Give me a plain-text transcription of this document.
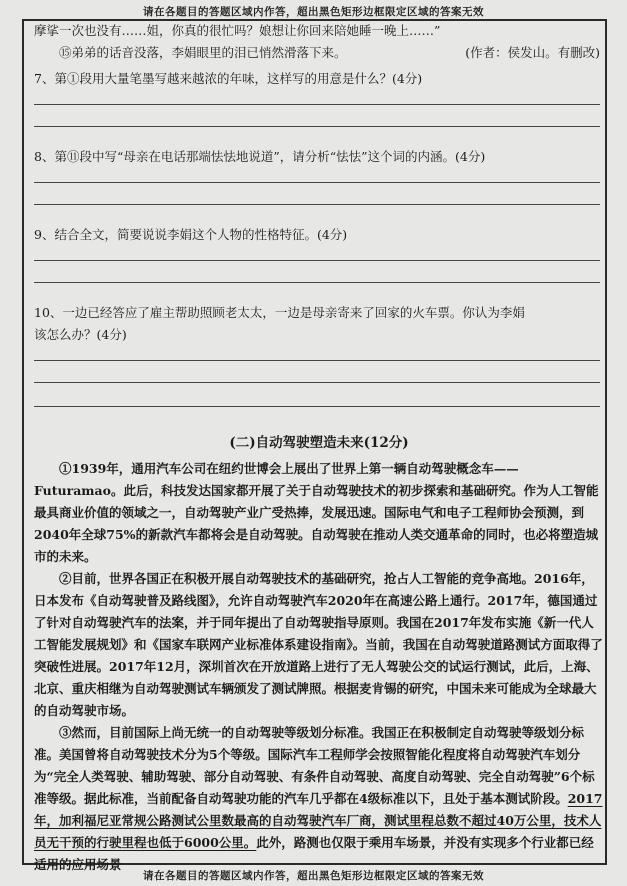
请在各题目的答题区域内作答，超出黑色矩形边框限定区域的答案无效

摩挲一次也没有……姐，你真的很忙吗？娘想让你回来陪她睡一晚上……”

⑮弟弟的话音没落，李娟眼里的泪已悄然滑落下来。	(作者：侯发山。有删改)

7、第①段用大量笔墨写越来越浓的年味，这样写的用意是什么？(4分)

8、第⑪段中写“母亲在电话那端怯怯地说道”，请分析“怯怯”这个词的内涵。(4分)

9、结合全文，简要说说李娟这个人物的性格特征。(4分)

10、一边已经答应了雇主帮助照顾老太太，一边是母亲寄来了回家的火车票。你认为李娟

该怎么办？(4分)

(二)自动驾驶塑造未来(12分)

①1939年，通用汽车公司在纽约世博会上展出了世界上第一辆自动驾驶概念车——Futuramao。此后，科技发达国家都开展了关于自动驾驶技术的初步探索和基础研究。作为人工智能最具商业价值的领域之一，自动驾驶产业广受热捧，发展迅速。国际电气和电子工程师协会预测，到2040年全球75%的新款汽车都将会是自动驾驶。自动驾驶在推动人类交通革命的同时，也必将塑造城市的未来。

②目前，世界各国正在积极开展自动驾驶技术的基础研究，抢占人工智能的竞争高地。2016年，日本发布《自动驾驶普及路线图》，允许自动驾驶汽车2020年在高速公路上通行。2017年，德国通过了针对自动驾驶汽车的法案，并于同年提出了自动驾驶指导原则。我国在2017年发布实施《新一代人工智能发展规划》和《国家车联网产业标准体系建设指南》。当前，我国在自动驾驶道路测试方面取得了突破性进展。2017年12月，深圳首次在开放道路上进行了无人驾驶公交的试运行测试，此后，上海、北京、重庆相继为自动驾驶测试车辆颁发了测试牌照。根据麦肯锡的研究，中国未来可能成为全球最大的自动驾驶市场。

③然而，目前国际上尚无统一的自动驾驶等级划分标准。我国正在积极制定自动驾驶等级划分标准。美国曾将自动驾驶技术分为5个等级。国际汽车工程师学会按照智能化程度将自动驾驶汽车划分为“完全人类驾驶、辅助驾驶、部分自动驾驶、有条件自动驾驶、高度自动驾驶、完全自动驾驶”6个标准等级。据此标准，当前配备自动驾驶功能的汽车几乎都在4级标准以下，且处于基本测试阶段。2017年，加利福尼亚常规公路测试公里数最高的自动驾驶汽车厂商，测试里程总数不超过40万公里，技术人员无干预的行驶里程也低于6000公里。此外，路测也仅限于乘用车场景，并没有实现多个行业都已经适用的应用场景

请在各题目的答题区域内作答，超出黑色矩形边框限定区域的答案无效
